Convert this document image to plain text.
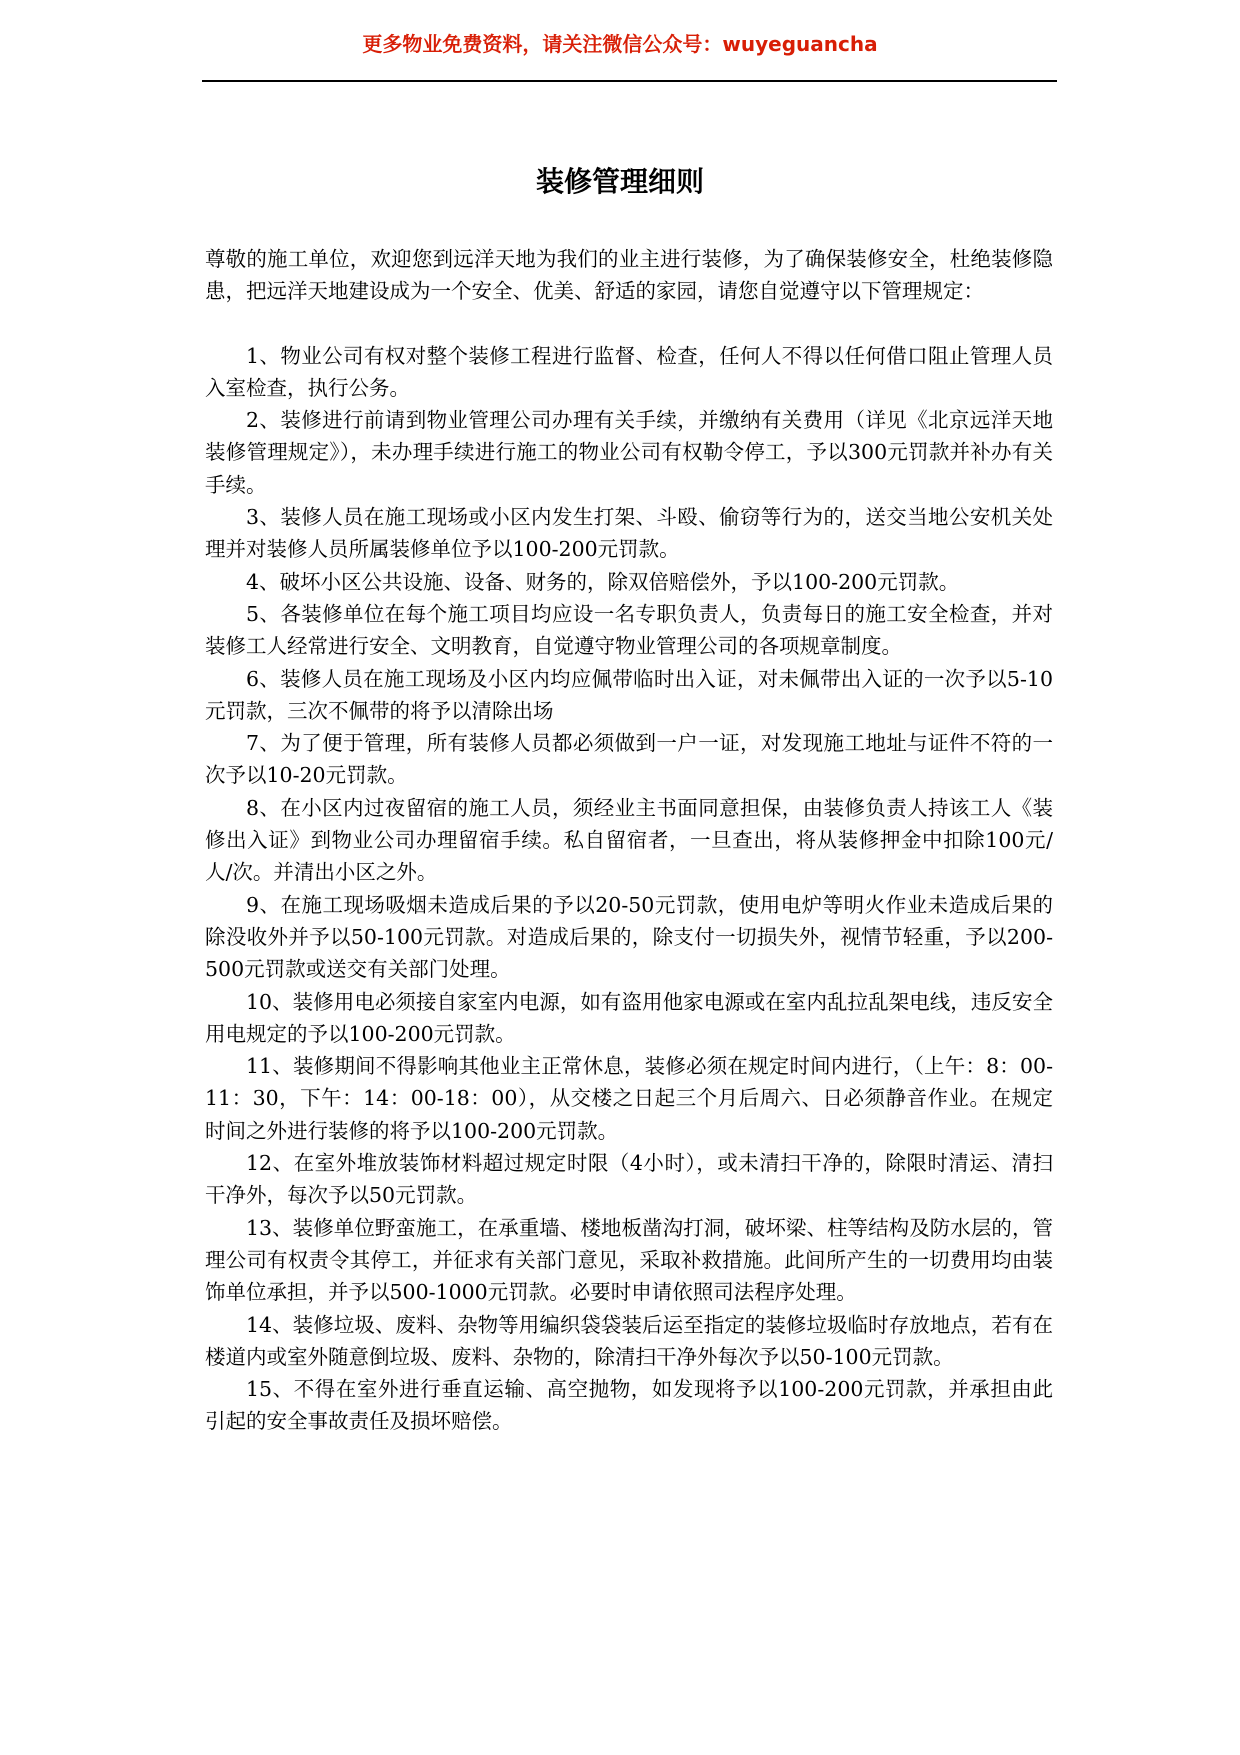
更多物业免费资料，请关注微信公众号：wuyeguancha
装修管理细则

尊敬的施工单位，欢迎您到远洋天地为我们的业主进行装修，为了确保装修安全，杜绝装修隐患，把远洋天地建设成为一个安全、优美、舒适的家园，请您自觉遵守以下管理规定：

1、物业公司有权对整个装修工程进行监督、检查，任何人不得以任何借口阻止管理人员入室检查，执行公务。

2、装修进行前请到物业管理公司办理有关手续，并缴纳有关费用（详见《北京远洋天地装修管理规定》），未办理手续进行施工的物业公司有权勒令停工，予以300元罚款并补办有关手续。

3、装修人员在施工现场或小区内发生打架、斗殴、偷窃等行为的，送交当地公安机关处理并对装修人员所属装修单位予以100-200元罚款。

4、破坏小区公共设施、设备、财务的，除双倍赔偿外，予以100-200元罚款。

5、各装修单位在每个施工项目均应设一名专职负责人，负责每日的施工安全检查，并对装修工人经常进行安全、文明教育，自觉遵守物业管理公司的各项规章制度。

6、装修人员在施工现场及小区内均应佩带临时出入证，对未佩带出入证的一次予以5-10元罚款，三次不佩带的将予以清除出场

7、为了便于管理，所有装修人员都必须做到一户一证，对发现施工地址与证件不符的一次予以10-20元罚款。

8、在小区内过夜留宿的施工人员，须经业主书面同意担保，由装修负责人持该工人《装修出入证》到物业公司办理留宿手续。私自留宿者，一旦查出，将从装修押金中扣除100元/人/次。并清出小区之外。

9、在施工现场吸烟未造成后果的予以20-50元罚款，使用电炉等明火作业未造成后果的除没收外并予以50-100元罚款。对造成后果的，除支付一切损失外，视情节轻重，予以200-500元罚款或送交有关部门处理。

10、装修用电必须接自家室内电源，如有盗用他家电源或在室内乱拉乱架电线，违反安全用电规定的予以100-200元罚款。

11、装修期间不得影响其他业主正常休息，装修必须在规定时间内进行，（上午：8：00-11：30，下午：14：00-18：00），从交楼之日起三个月后周六、日必须静音作业。在规定时间之外进行装修的将予以100-200元罚款。

12、在室外堆放装饰材料超过规定时限（4小时），或未清扫干净的，除限时清运、清扫干净外，每次予以50元罚款。

13、装修单位野蛮施工，在承重墙、楼地板凿沟打洞，破坏梁、柱等结构及防水层的，管理公司有权责令其停工，并征求有关部门意见，采取补救措施。此间所产生的一切费用均由装饰单位承担，并予以500-1000元罚款。必要时申请依照司法程序处理。

14、装修垃圾、废料、杂物等用编织袋袋装后运至指定的装修垃圾临时存放地点，若有在楼道内或室外随意倒垃圾、废料、杂物的，除清扫干净外每次予以50-100元罚款。

15、不得在室外进行垂直运输、高空抛物，如发现将予以100-200元罚款，并承担由此引起的安全事故责任及损坏赔偿。
